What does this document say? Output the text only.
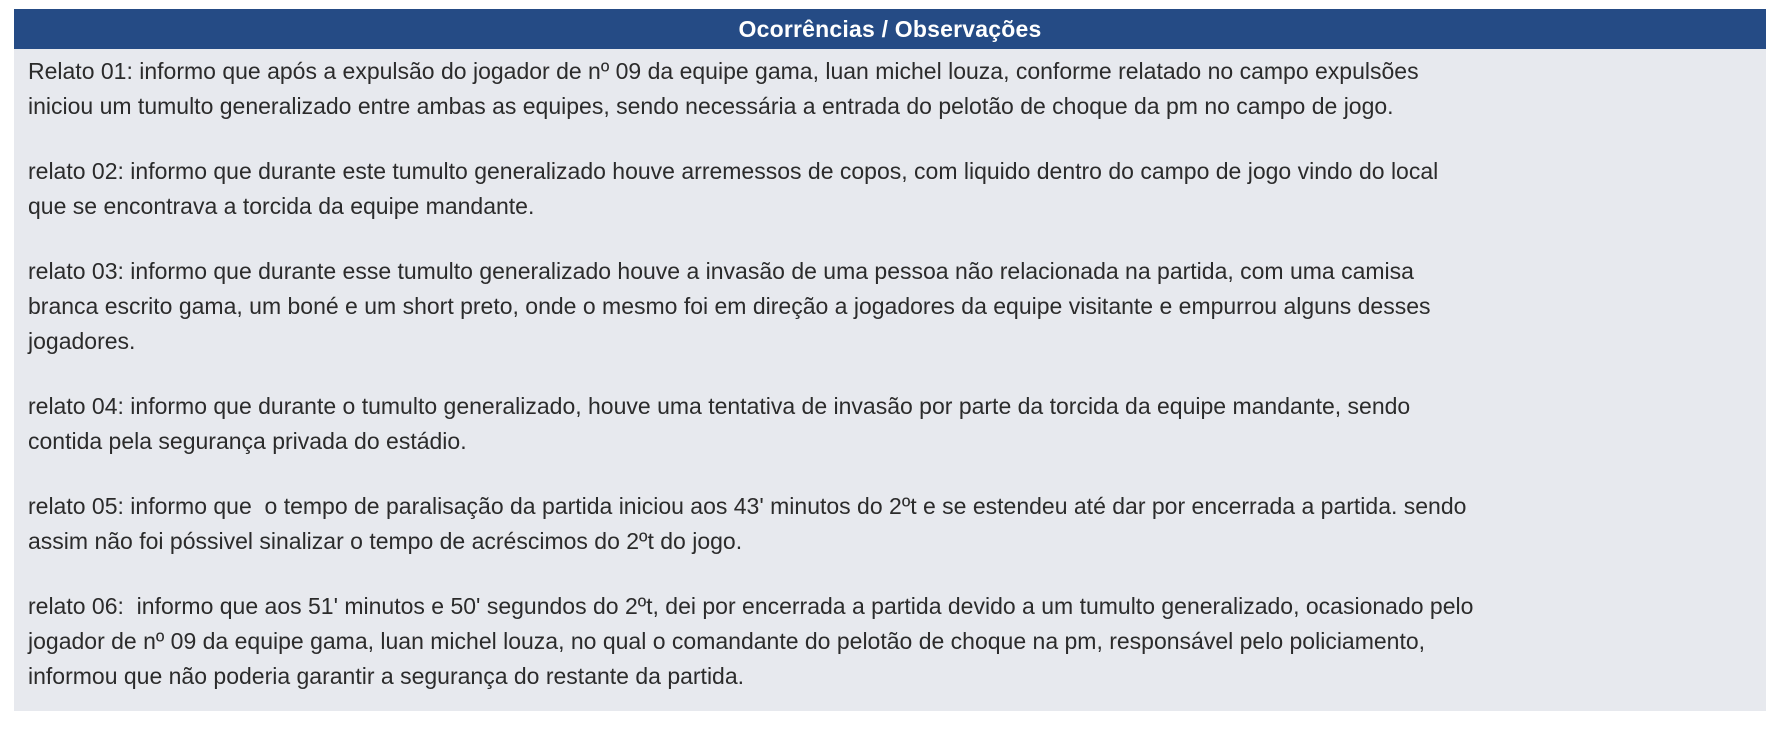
Ocorrências / Observações

Relato 01: informo que após a expulsão do jogador de nº 09 da equipe gama, luan michel louza, conforme relatado no campo expulsões
iniciou um tumulto generalizado entre ambas as equipes, sendo necessária a entrada do pelotão de choque da pm no campo de jogo.

relato 02: informo que durante este tumulto generalizado houve arremessos de copos, com liquido dentro do campo de jogo vindo do local
que se encontrava a torcida da equipe mandante.

relato 03: informo que durante esse tumulto generalizado houve a invasão de uma pessoa não relacionada na partida, com uma camisa
branca escrito gama, um boné e um short preto, onde o mesmo foi em direção a jogadores da equipe visitante e empurrou alguns desses
jogadores.

relato 04: informo que durante o tumulto generalizado, houve uma tentativa de invasão por parte da torcida da equipe mandante, sendo
contida pela segurança privada do estádio.

relato 05: informo que  o tempo de paralisação da partida iniciou aos 43' minutos do 2ºt e se estendeu até dar por encerrada a partida. sendo
assim não foi póssivel sinalizar o tempo de acréscimos do 2ºt do jogo.

relato 06:  informo que aos 51' minutos e 50' segundos do 2ºt, dei por encerrada a partida devido a um tumulto generalizado, ocasionado pelo
jogador de nº 09 da equipe gama, luan michel louza, no qual o comandante do pelotão de choque na pm, responsável pelo policiamento,
informou que não poderia garantir a segurança do restante da partida.
